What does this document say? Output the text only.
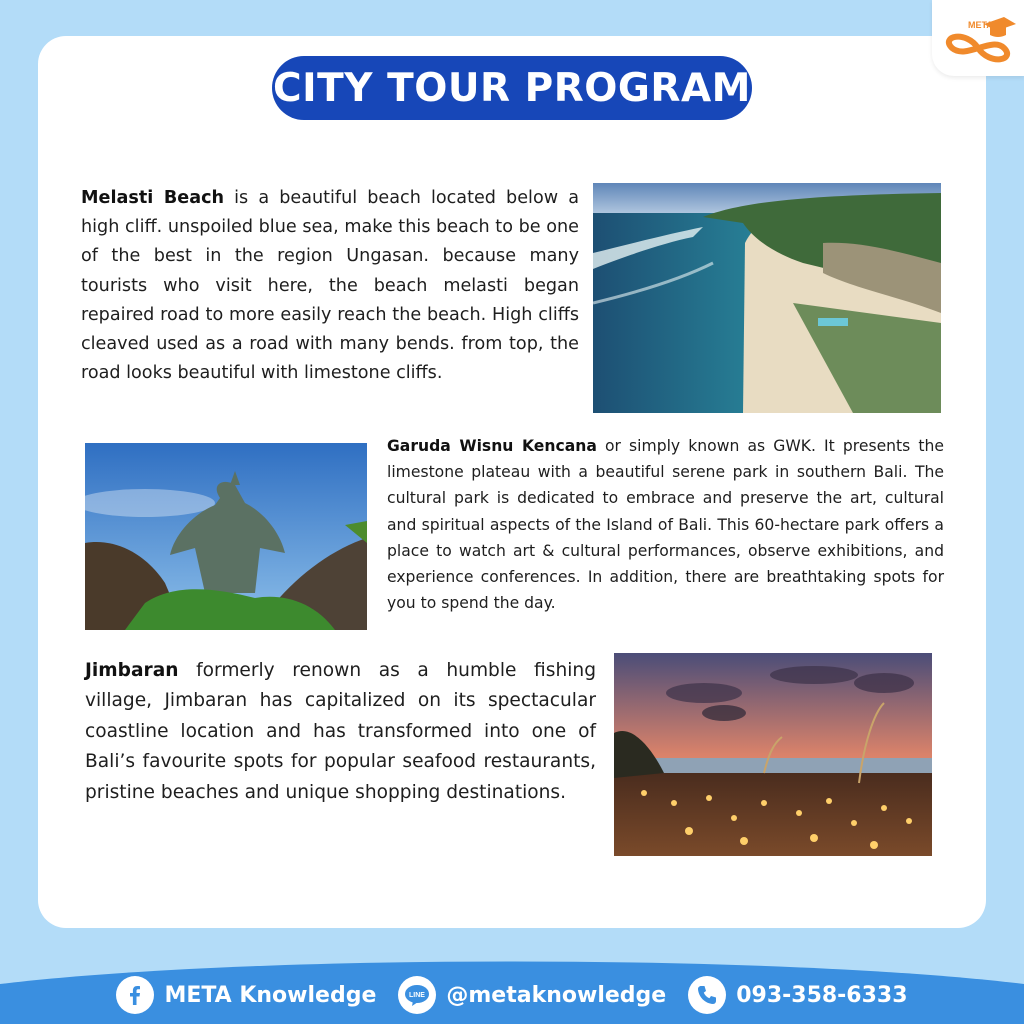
META
CITY TOUR PROGRAM
Melasti Beach is a beautiful beach located below a high cliff. unspoiled blue sea, make this beach to be one of the best in the region Ungasan. because many tourists who visit here, the beach melasti began repaired road to more easily reach the beach. High cliffs cleaved used as a road with many bends. from top, the road looks beautiful with limestone cliffs.
Garuda Wisnu Kencana or simply known as GWK. It presents the limestone plateau with a beautiful serene park in southern Bali. The cultural park is dedicated to embrace and preserve the art, cultural and spiritual aspects of the Island of Bali. This 60-hectare park offers a place to watch art & cultural performances, observe exhibitions, and experience conferences. In addition, there are breathtaking spots for you to spend the day.
Jimbaran formerly renown as a humble fishing village, Jimbaran has capitalized on its spectacular coastline location and has transformed into one of Bali’s favourite spots for popular seafood restaurants, pristine beaches and unique shopping destinations.
META Knowledge	LINE @metaknowledge	093-358-6333
